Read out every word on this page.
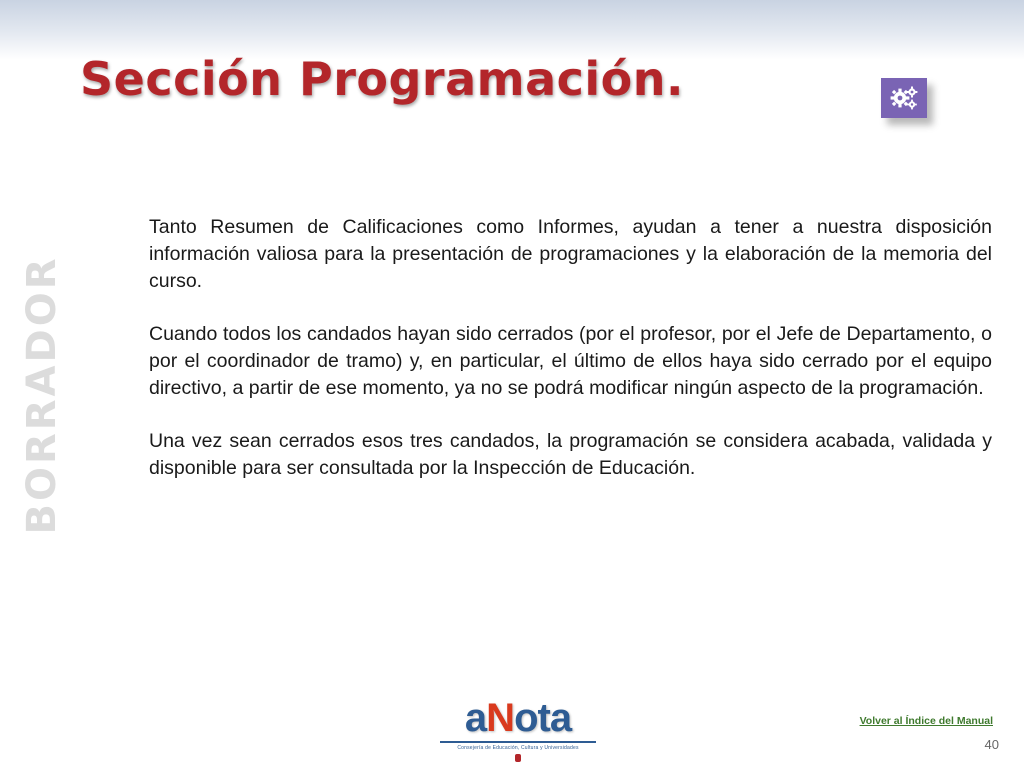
Sección Programación.
BORRADOR

Tanto Resumen de Calificaciones como Informes, ayudan a tener a nuestra disposición información valiosa para la presentación de programaciones y la elaboración de la memoria del curso.

Cuando todos los candados hayan sido cerrados (por el profesor, por el Jefe de Departamento, o por el coordinador de tramo) y, en particular, el último de ellos haya sido cerrado por el equipo directivo, a partir de ese momento, ya no se podrá modificar ningún aspecto de la programación.

Una vez sean cerrados esos tres candados, la programación se considera acabada, validada y disponible para ser consultada por la Inspección de Educación.

aNota
Consejería de Educación, Cultura y Universidades
Volver al Índice del Manual
40
